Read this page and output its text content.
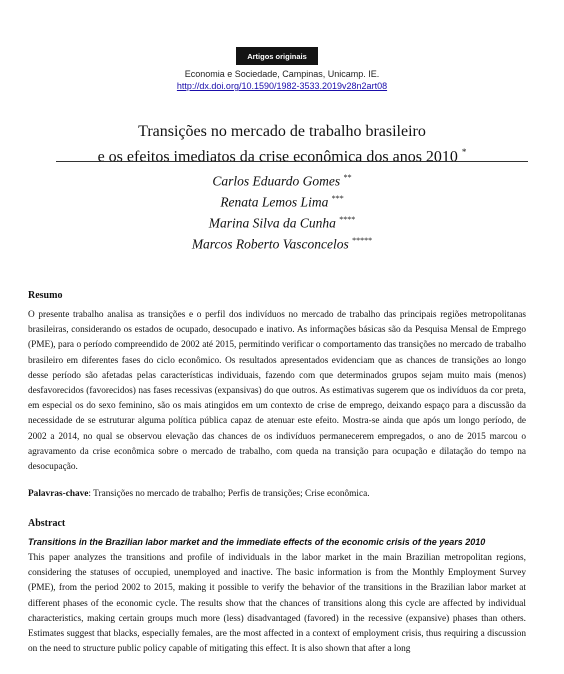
Artigos originais
Economia e Sociedade, Campinas, Unicamp. IE.
http://dx.doi.org/10.1590/1982-3533.2019v28n2art08
Transições no mercado de trabalho brasileiro
e os efeitos imediatos da crise econômica dos anos 2010 *
Carlos Eduardo Gomes **
Renata Lemos Lima ***
Marina Silva da Cunha ****
Marcos Roberto Vasconcelos *****
Resumo
O presente trabalho analisa as transições e o perfil dos indivíduos no mercado de trabalho das principais regiões metropolitanas brasileiras, considerando os estados de ocupado, desocupado e inativo. As informações básicas são da Pesquisa Mensal de Emprego (PME), para o período compreendido de 2002 até 2015, permitindo verificar o comportamento das transições no mercado de trabalho brasileiro em diferentes fases do ciclo econômico. Os resultados apresentados evidenciam que as chances de transições ao longo desse período são afetadas pelas características individuais, fazendo com que determinados grupos sejam muito mais (menos) desfavorecidos (favorecidos) nas fases recessivas (expansivas) do que outros. As estimativas sugerem que os indivíduos da cor preta, em especial os do sexo feminino, são os mais atingidos em um contexto de crise de emprego, deixando espaço para a discussão da necessidade de se estruturar alguma política pública capaz de atenuar este efeito. Mostra-se ainda que após um longo período, de 2002 a 2014, no qual se observou elevação das chances de os indivíduos permanecerem empregados, o ano de 2015 marcou o agravamento da crise econômica sobre o mercado de trabalho, com queda na transição para ocupação e dilatação do tempo na desocupação.
Palavras-chave: Transições no mercado de trabalho; Perfis de transições; Crise econômica.
Abstract
Transitions in the Brazilian labor market and the immediate effects of the economic crisis of the years 2010
This paper analyzes the transitions and profile of individuals in the labor market in the main Brazilian metropolitan regions, considering the statuses of occupied, unemployed and inactive. The basic information is from the Monthly Employment Survey (PME), from the period 2002 to 2015, making it possible to verify the behavior of the transitions in the Brazilian labor market at different phases of the economic cycle. The results show that the chances of transitions along this cycle are affected by individual characteristics, making certain groups much more (less) disadvantaged (favored) in the recessive (expansive) phases than others. Estimates suggest that blacks, especially females, are the most affected in a context of employment crisis, thus requiring a discussion on the need to structure public policy capable of mitigating this effect. It is also shown that after a long
